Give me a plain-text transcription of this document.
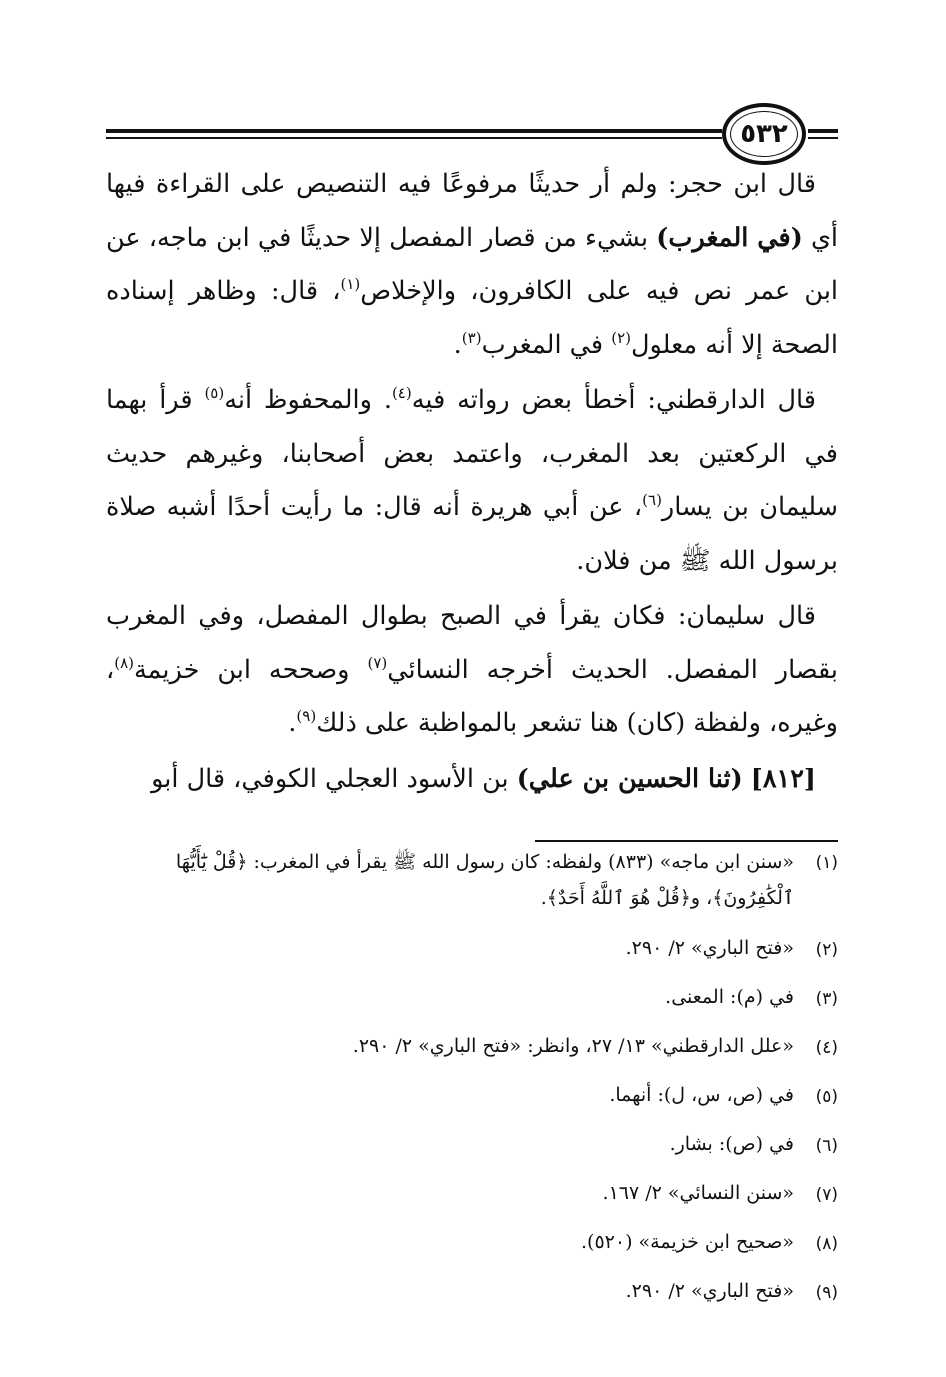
٥٣٢

قال ابن حجر: ولم أر حديثًا مرفوعًا فيه التنصيص على القراءة فيها أي (في المغرب) بشيء من قصار المفصل إلا حديثًا في ابن ماجه، عن ابن عمر نص فيه على الكافرون، والإخلاص$^{(١)}$، قال: وظاهر إسناده الصحة إلا أنه معلول$^{(٢)}$ في المغرب$^{(٣)}$.

قال الدارقطني: أخطأ بعض رواته فيه$^{(٤)}$. والمحفوظ أنه$^{(٥)}$ قرأ بهما في الركعتين بعد المغرب، واعتمد بعض أصحابنا، وغيرهم حديث سليمان بن يسار$^{(٦)}$، عن أبي هريرة أنه قال: ما رأيت أحدًا أشبه صلاة برسول الله ﷺ من فلان.

قال سليمان: فكان يقرأ في الصبح بطوال المفصل، وفي المغرب بقصار المفصل. الحديث أخرجه النسائي$^{(٧)}$ وصححه ابن خزيمة$^{(٨)}$، وغيره، ولفظة (كان) هنا تشعر بالمواظبة على ذلك$^{(٩)}$.

[٨١٢] (ثنا الحسين بن علي) بن الأسود العجلي الكوفي، قال أبو

(١)
«سنن ابن ماجه» (٨٣٣) ولفظه: كان رسول الله ﷺ يقرأ في المغرب: ﴿قُلْ يَٰٓأَيُّهَا ٱلْكَٰفِرُونَ﴾، و﴿قُلْ هُوَ ٱللَّهُ أَحَدٌ﴾.
(٢)
«فتح الباري» ٢/ ٢٩٠.
(٣)
في (م): المعنى.
(٤)
«علل الدارقطني» ١٣/ ٢٧، وانظر: «فتح الباري» ٢/ ٢٩٠.
(٥)
في (ص، س، ل): أنهما.
(٦)
في (ص): بشار.
(٧)
«سنن النسائي» ٢/ ١٦٧.
(٨)
«صحيح ابن خزيمة» (٥٢٠).
(٩)
«فتح الباري» ٢/ ٢٩٠.
